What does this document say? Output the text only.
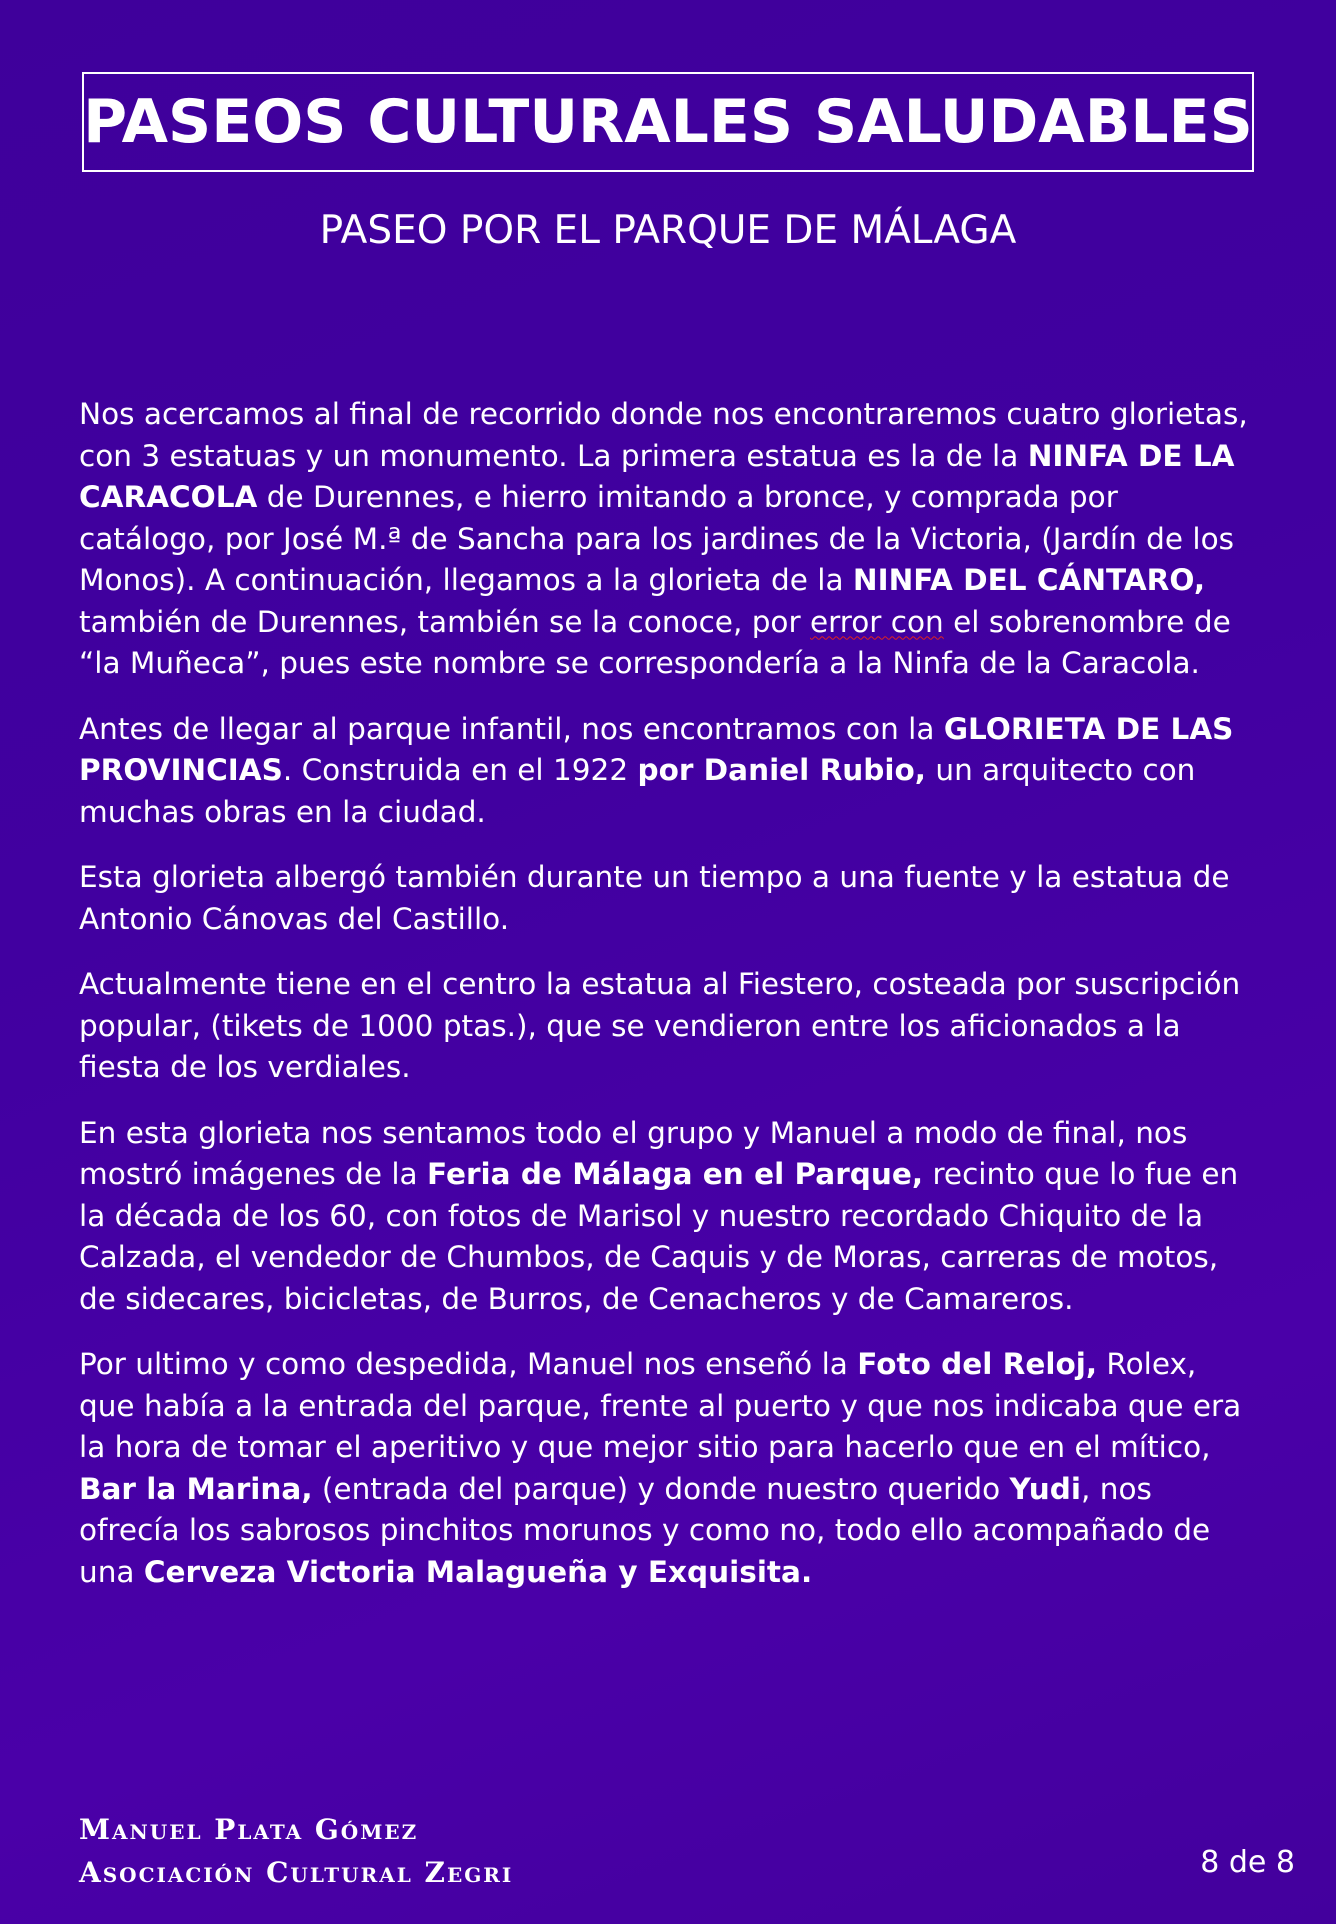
PASEOS CULTURALES SALUDABLES
PASEO POR EL PARQUE DE MÁLAGA

Nos acercamos al final de recorrido donde nos encontraremos cuatro glorietas, con 3 estatuas y un monumento. La primera estatua es la de la NINFA DE LA CARACOLA de Durennes, e hierro imitando a bronce, y comprada por catálogo, por José M.ª de Sancha para los jardines de la Victoria, (Jardín de los Monos). A continuación, llegamos a la glorieta de la NINFA DEL CÁNTARO, también de Durennes, también se la conoce, por error con el sobrenombre de “la Muñeca”, pues este nombre se correspondería a la Ninfa de la Caracola.

Antes de llegar al parque infantil, nos encontramos con la GLORIETA DE LAS PROVINCIAS. Construida en el 1922 por Daniel Rubio, un arquitecto con muchas obras en la ciudad.

Esta glorieta albergó también durante un tiempo a una fuente y la estatua de Antonio Cánovas del Castillo.

Actualmente tiene en el centro la estatua al Fiestero, costeada por suscripción popular, (tikets de 1000 ptas.), que se vendieron entre los aficionados a la fiesta de los verdiales.

En esta glorieta nos sentamos todo el grupo y Manuel a modo de final, nos mostró imágenes de la Feria de Málaga en el Parque, recinto que lo fue en la década de los 60, con fotos de Marisol y nuestro recordado Chiquito de la Calzada, el vendedor de Chumbos, de Caquis y de Moras, carreras de motos, de sidecares, bicicletas, de Burros, de Cenacheros y de Camareros.

Por ultimo y como despedida, Manuel nos enseñó la Foto del Reloj, Rolex, que había a la entrada del parque, frente al puerto y que nos indicaba que era la hora de tomar el aperitivo y que mejor sitio para hacerlo que en el mítico, Bar la Marina, (entrada del parque) y donde nuestro querido Yudi, nos ofrecía los sabrosos pinchitos morunos y como no, todo ello acompañado de una Cerveza Victoria Malagueña y Exquisita.

Manuel Plata Gómez
Asociación Cultural Zegri	8 de 8
